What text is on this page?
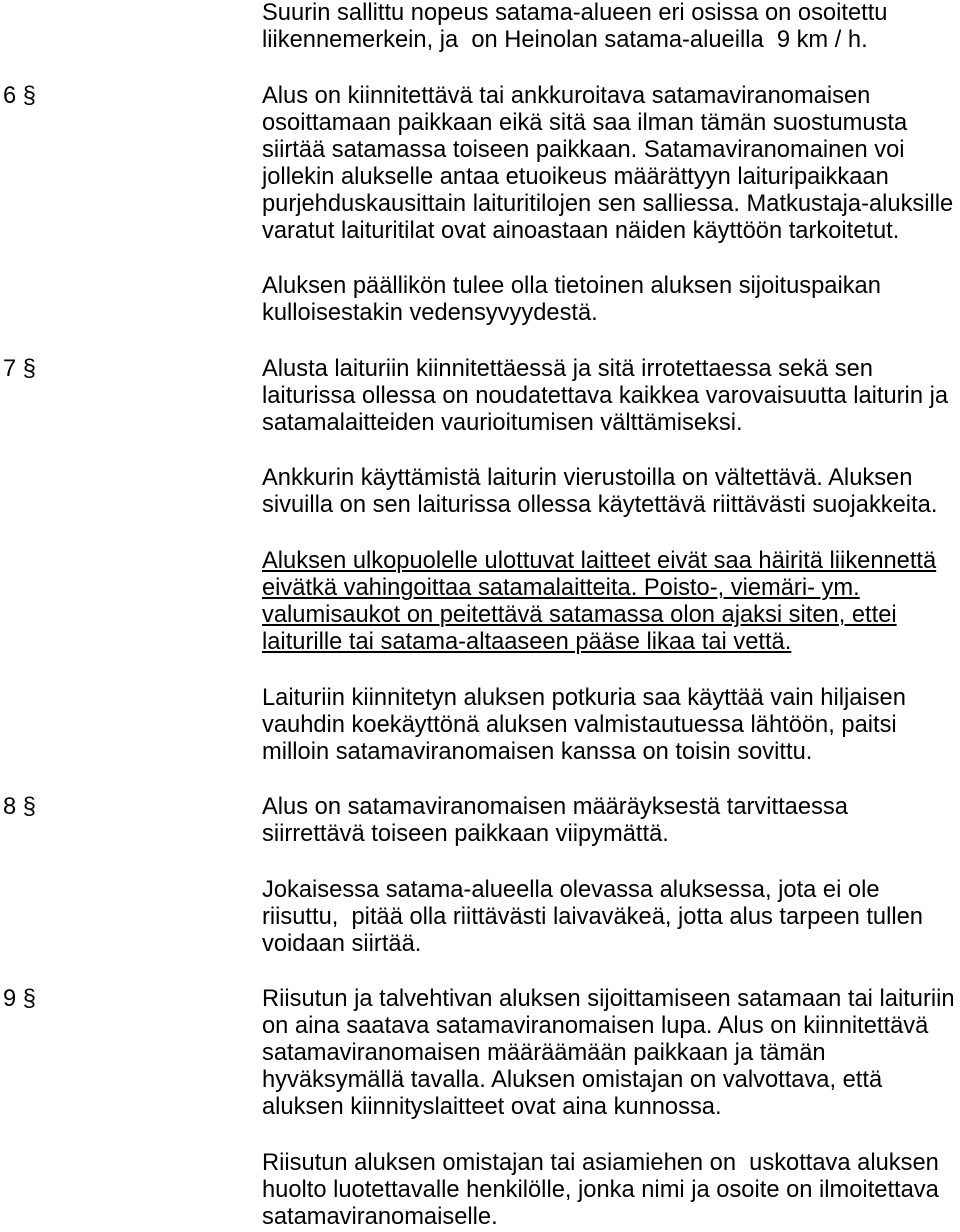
Suurin sallittu nopeus satama-alueen eri osissa on osoitettu
liikennemerkein, ja  on Heinolan satama-alueilla  9 km / h.
6 §	Alus on kiinnitettävä tai ankkuroitava satamaviranomaisen
osoittamaan paikkaan eikä sitä saa ilman tämän suostumusta
siirtää satamassa toiseen paikkaan. Satamaviranomainen voi
jollekin alukselle antaa etuoikeus määrättyyn laituripaikkaan
purjehduskausittain laituritilojen sen salliessa. Matkustaja-aluksille
varatut laituritilat ovat ainoastaan näiden käyttöön tarkoitetut.
Aluksen päällikön tulee olla tietoinen aluksen sijoituspaikan
kulloisestakin vedensyvyydestä.
7 §	Alusta laituriin kiinnitettäessä ja sitä irrotettaessa sekä sen
laiturissa ollessa on noudatettava kaikkea varovaisuutta laiturin ja
satamalaitteiden vaurioitumisen välttämiseksi.
Ankkurin käyttämistä laiturin vierustoilla on vältettävä. Aluksen
sivuilla on sen laiturissa ollessa käytettävä riittävästi suojakkeita.
Aluksen ulkopuolelle ulottuvat laitteet eivät saa häiritä liikennettä
eivätkä vahingoittaa satamalaitteita. Poisto-, viemäri- ym.
valumisaukot on peitettävä satamassa olon ajaksi siten, ettei
laiturille tai satama-altaaseen pääse likaa tai vettä.
Laituriin kiinnitetyn aluksen potkuria saa käyttää vain hiljaisen
vauhdin koekäyttönä aluksen valmistautuessa lähtöön, paitsi
milloin satamaviranomaisen kanssa on toisin sovittu.
8 §	Alus on satamaviranomaisen määräyksestä tarvittaessa
siirrettävä toiseen paikkaan viipymättä.
Jokaisessa satama-alueella olevassa aluksessa, jota ei ole
riisuttu,  pitää olla riittävästi laivaväkeä, jotta alus tarpeen tullen
voidaan siirtää.
9 §	Riisutun ja talvehtivan aluksen sijoittamiseen satamaan tai laituriin
on aina saatava satamaviranomaisen lupa. Alus on kiinnitettävä
satamaviranomaisen määräämään paikkaan ja tämän
hyväksymällä tavalla. Aluksen omistajan on valvottava, että
aluksen kiinnityslaitteet ovat aina kunnossa.
Riisutun aluksen omistajan tai asiamiehen on  uskottava aluksen
huolto luotettavalle henkilölle, jonka nimi ja osoite on ilmoitettava
satamaviranomaiselle.
